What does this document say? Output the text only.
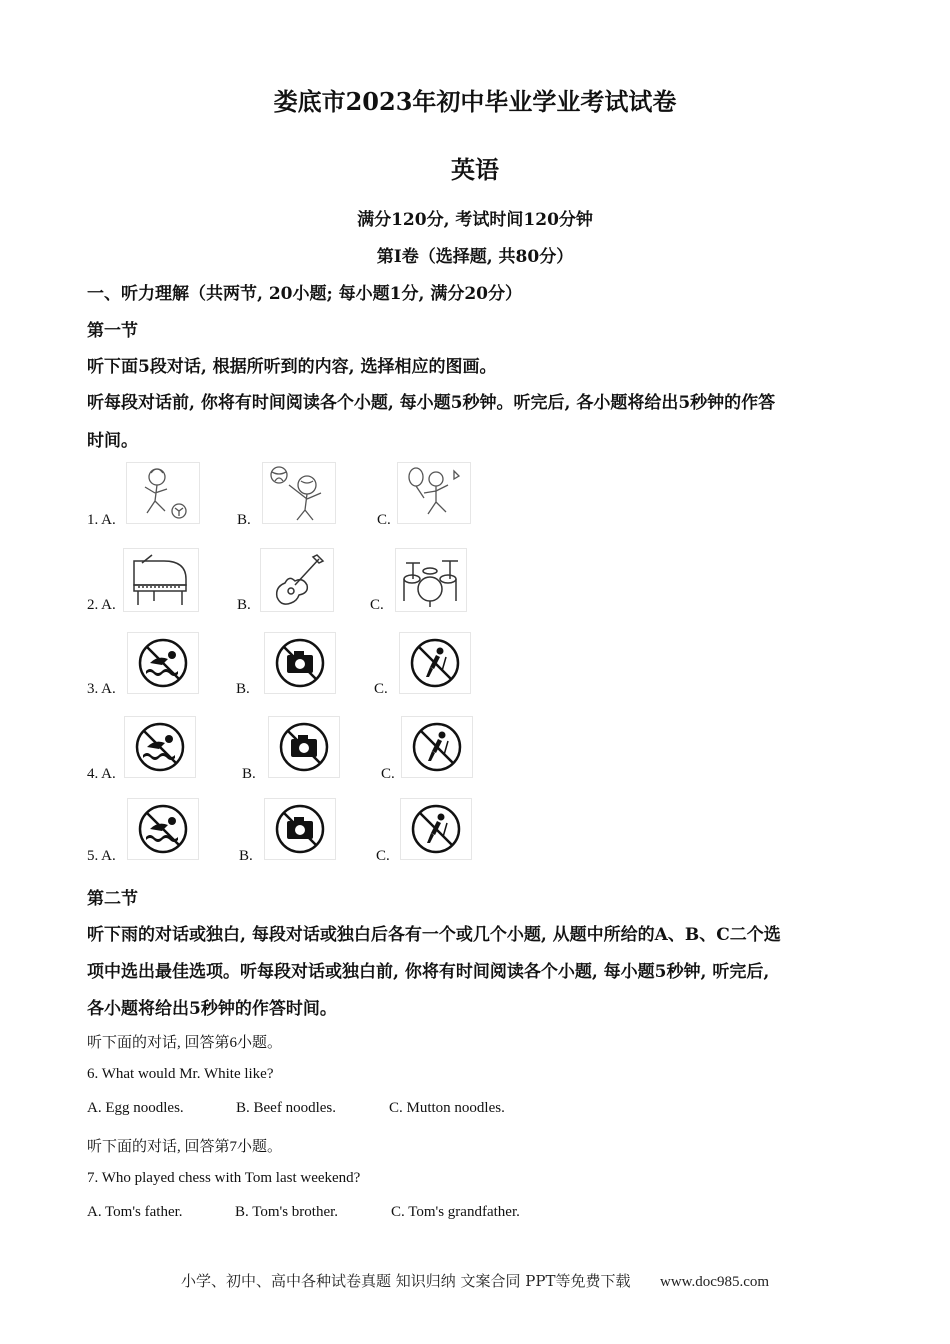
娄底市2023年初中毕业学业考试试卷
英语
满分120分, 考试时间120分钟
第Ⅰ卷（选择题, 共80分）
一、听力理解（共两节, 20小题; 每小题1分, 满分20分）
第一节
听下面5段对话, 根据所听到的内容, 选择相应的图画。
听每段对话前, 你将有时间阅读各个小题, 每小题5秒钟。听完后, 各小题将给出5秒钟的作答
时间。
1. A.	B.	C.
2. A.	B.	C.
3. A.	B.	C.
4. A.	B.	C.
5. A.	B.	C.
第二节
听下雨的对话或独白, 每段对话或独白后各有一个或几个小题, 从题中所给的A、B、C二个选
项中选出最佳选项。听每段对话或独白前, 你将有时间阅读各个小题, 每小题5秒钟, 听完后,
各小题将给出5秒钟的作答时间。
听下面的对话, 回答第6小题。
6. What would Mr. White like?
A. Egg noodles.	B. Beef noodles.	C. Mutton noodles.
听下面的对话, 回答第7小题。
7. Who played chess with Tom last weekend?
A. Tom's father.	B. Tom's brother.	C. Tom's grandfather.
小学、初中、高中各种试卷真题 知识归纳 文案合同 PPT等免费下载 www.doc985.com
